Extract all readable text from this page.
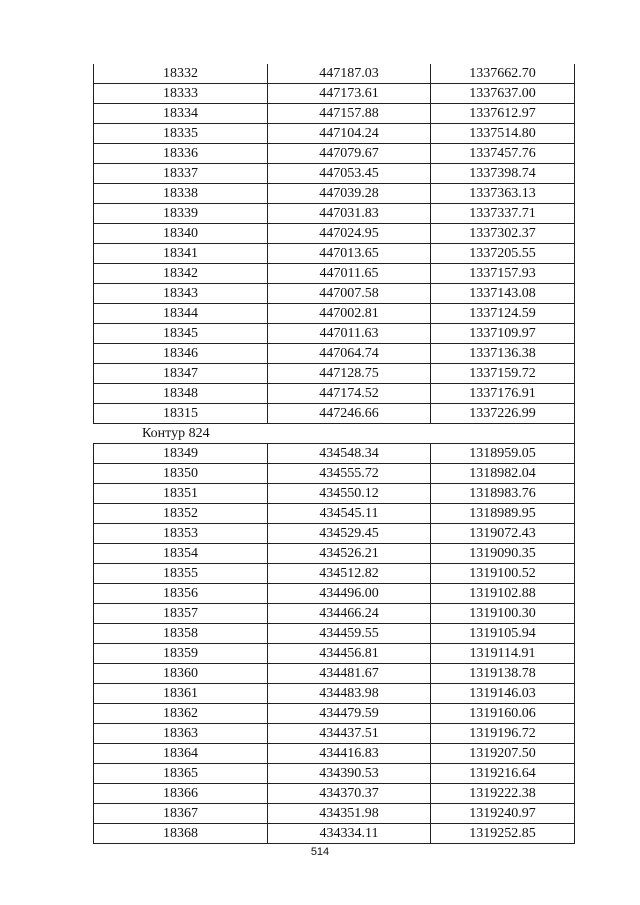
18332	447187.03	1337662.70
18333	447173.61	1337637.00
18334	447157.88	1337612.97
18335	447104.24	1337514.80
18336	447079.67	1337457.76
18337	447053.45	1337398.74
18338	447039.28	1337363.13
18339	447031.83	1337337.71
18340	447024.95	1337302.37
18341	447013.65	1337205.55
18342	447011.65	1337157.93
18343	447007.58	1337143.08
18344	447002.81	1337124.59
18345	447011.63	1337109.97
18346	447064.74	1337136.38
18347	447128.75	1337159.72
18348	447174.52	1337176.91
18315	447246.66	1337226.99
Контур 824		
18349	434548.34	1318959.05
18350	434555.72	1318982.04
18351	434550.12	1318983.76
18352	434545.11	1318989.95
18353	434529.45	1319072.43
18354	434526.21	1319090.35
18355	434512.82	1319100.52
18356	434496.00	1319102.88
18357	434466.24	1319100.30
18358	434459.55	1319105.94
18359	434456.81	1319114.91
18360	434481.67	1319138.78
18361	434483.98	1319146.03
18362	434479.59	1319160.06
18363	434437.51	1319196.72
18364	434416.83	1319207.50
18365	434390.53	1319216.64
18366	434370.37	1319222.38
18367	434351.98	1319240.97
18368	434334.11	1319252.85
514
